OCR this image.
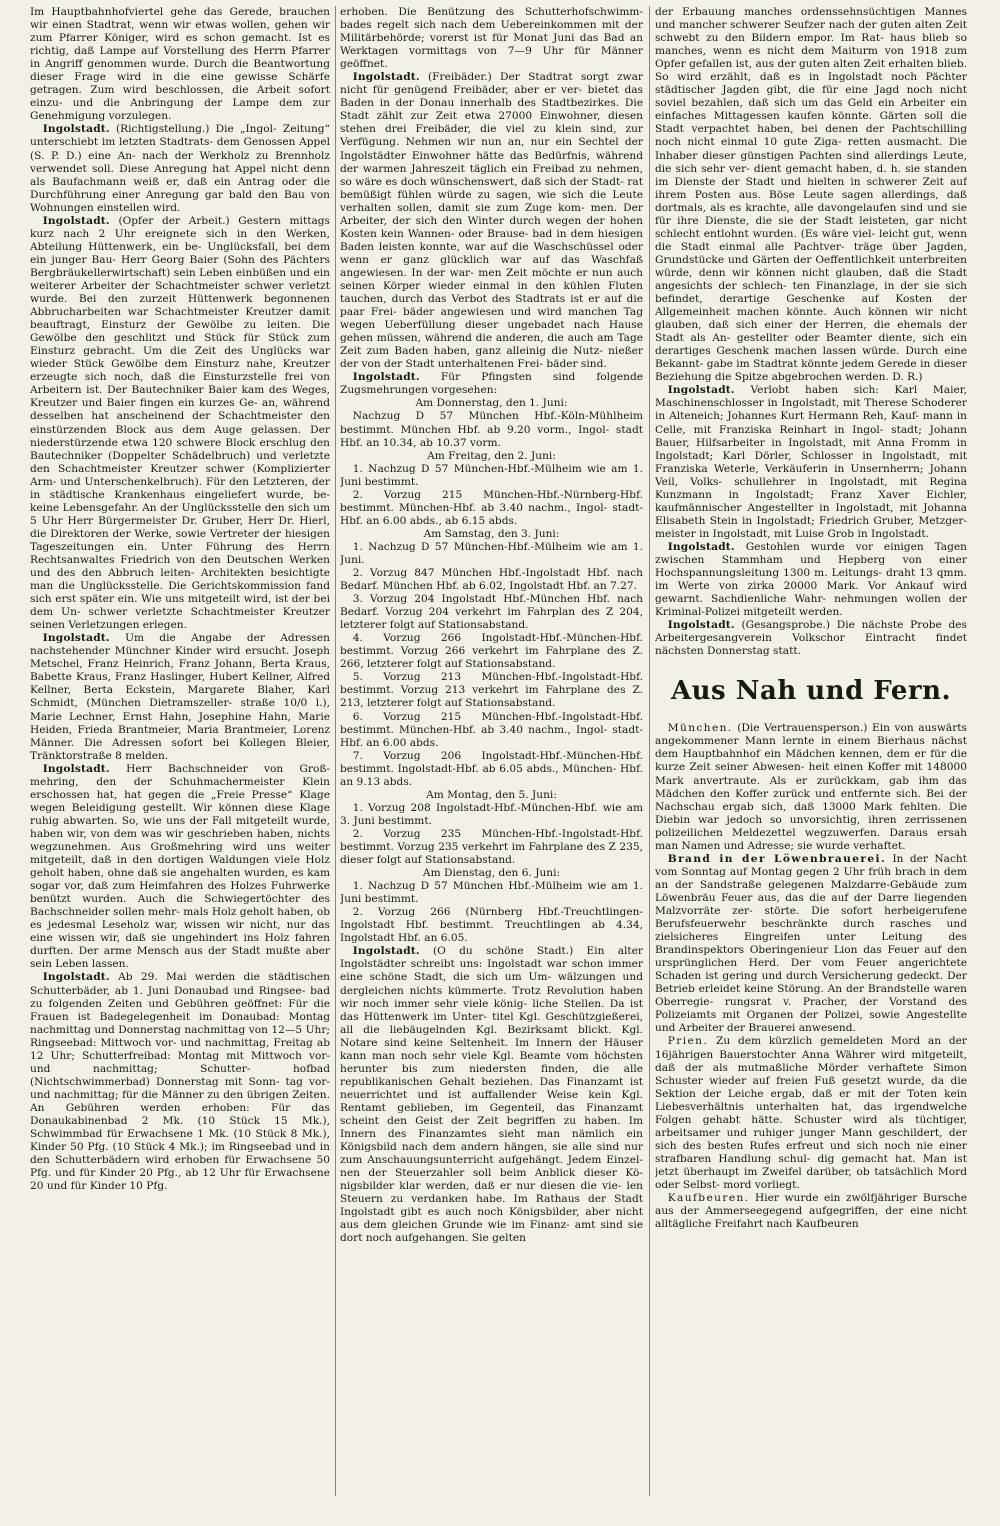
Im Hauptbahnhofviertel gehe das Gerede, brauchen wir einen Stadtrat, wenn wir etwas wollen, gehen wir zum Pfarrer Königer, wird es schon gemacht. Ist es richtig, daß Lampe auf Vorstellung des Herrn Pfarrer in Angriff genommen wurde. Durch die Beantwortung dieser Frage wird in die eine gewisse Schärfe getragen. Zum wird beschlossen, die Arbeit sofort einzu- und die Anbringung der Lampe dem zur Genehmigung vorzulegen.

Ingolstadt. (Richtigstellung.) Die „Ingol- Zeitung“ unterschiebt im letzten Stadtrats- dem Genossen Appel (S. P. D.) eine An- nach der Werkholz zu Brennholz verwendet soll. Diese Anregung hat Appel nicht denn als Baufachmann weiß er, daß ein Antrag oder die Durchführung einer Anregung gar bald den Bau von Wohnungen einstellen wird.

Ingolstadt. (Opfer der Arbeit.) Gestern mittags kurz nach 2 Uhr ereignete sich in den Werken, Abteilung Hüttenwerk, ein be- Unglücksfall, bei dem ein junger Bau- Herr Georg Baier (Sohn des Pächters Bergbräukellerwirtschaft) sein Leben einbüßen und ein weiterer Arbeiter der Schachtmeister schwer verletzt wurde. Bei den zurzeit Hüttenwerk begonnenen Abbrucharbeiten war Schachtmeister Kreutzer damit beauftragt, Einsturz der Gewölbe zu leiten. Die Gewölbe den geschlitzt und Stück für Stück zum Einsturz gebracht. Um die Zeit des Unglücks war wieder Stück Gewölbe dem Einsturz nahe, Kreutzer erzeugte sich noch, daß die Einsturzstelle frei von Arbeitern ist. Der Bautechniker Baier kam des Weges, Kreutzer und Baier fingen ein kurzes Ge- an, während desselben hat anscheinend der Schachtmeister den einstürzenden Block aus dem Auge gelassen. Der niederstürzende etwa 120 schwere Block erschlug den Bautechniker (Doppelter Schädelbruch) und verletzte den Schachtmeister Kreutzer schwer (Komplizierter Arm- und Unterschenkelbruch). Für den Letzteren, der in städtische Krankenhaus eingeliefert wurde, be- keine Lebensgefahr. An der Unglücksstelle den sich um 5 Uhr Herr Bürgermeister Dr. Gruber, Herr Dr. Hierl, die Direktoren der Werke, sowie Vertreter der hiesigen Tageszeitungen ein. Unter Führung des Herrn Rechtsanwaltes Friedrich von den Deutschen Werken und des den Abbruch leiten- Architekten besichtigte man die Unglücksstelle. Die Gerichtskommission fand sich erst später ein. Wie uns mitgeteilt wird, ist der bei dem Un- schwer verletzte Schachtmeister Kreutzer seinen Verletzungen erlegen.

Ingolstadt. Um die Angabe der Adressen nachstehender Münchner Kinder wird ersucht. Joseph Metschel, Franz Heinrich, Franz Johann, Berta Kraus, Babette Kraus, Franz Haslinger, Hubert Kellner, Alfred Kellner, Berta Eckstein, Margarete Blaher, Karl Schmidt, (München Dietramszeller- straße 10/0 l.), Marie Lechner, Ernst Hahn, Josephine Hahn, Marie Heiden, Frieda Brantmeier, Maria Brantmeier, Lorenz Männer. Die Adressen sofort bei Kollegen Bleier, Tränktorstraße 8 melden.

Ingolstadt. Herr Bachschneider von Groß- mehring, den der Schuhmachermeister Klein erschossen hat, hat gegen die „Freie Presse“ Klage wegen Beleidigung gestellt. Wir können diese Klage ruhig abwarten. So, wie uns der Fall mitgeteilt wurde, haben wir, von dem was wir geschrieben haben, nichts wegzunehmen. Aus Großmehring wird uns weiter mitgeteilt, daß in den dortigen Waldungen viele Holz geholt haben, ohne daß sie angehalten wurden, es kam sogar vor, daß zum Heimfahren des Holzes Fuhrwerke benützt wurden. Auch die Schwiegertöchter des Bachschneider sollen mehr- mals Holz geholt haben, ob es jedesmal Leseholz war, wissen wir nicht, nur das eine wissen wir, daß sie ungehindert ins Holz fahren durften. Der arme Mensch aus der Stadt mußte aber sein Leben lassen.

Ingolstadt. Ab 29. Mai werden die städtischen Schutterbäder, ab 1. Juni Donaubad und Ringsee- bad zu folgenden Zeiten und Gebühren geöffnet: Für die Frauen ist Badegelegenheit im Donaubad: Montag nachmittag und Donnerstag nachmittag von 12—5 Uhr; Ringseebad: Mittwoch vor- und nachmittag, Freitag ab 12 Uhr; Schutterfreibad: Montag mit Mittwoch vor- und nachmittag; Schutter- hofbad (Nichtschwimmerbad) Donnerstag mit Sonn- tag vor- und nachmittag; für die Männer zu den übrigen Zeiten. An Gebühren werden erhoben: Für das Donaukabinenbad 2 Mk. (10 Stück 15 Mk.), Schwimmbad für Erwachsene 1 Mk. (10 Stück 8 Mk.), Kinder 50 Pfg. (10 Stück 4 Mk.); im Ringseebad und in den Schutterbädern wird erhoben für Erwachsene 50 Pfg. und für Kinder 20 Pfg., ab 12 Uhr für Erwachsene 20 und für Kinder 10 Pfg.

erhoben. Die Benützung des Schutterhofschwimm- bades regelt sich nach dem Uebereinkommen mit der Militärbehörde; vorerst ist für Monat Juni das Bad an Werktagen vormittags von 7—9 Uhr für Männer geöffnet.

Ingolstadt. (Freibäder.) Der Stadtrat sorgt zwar nicht für genügend Freibäder, aber er ver- bietet das Baden in der Donau innerhalb des Stadtbezirkes. Die Stadt zählt zur Zeit etwa 27000 Einwohner, diesen stehen drei Freibäder, die viel zu klein sind, zur Verfügung. Nehmen wir nun an, nur ein Sechtel der Ingolstädter Einwohner hätte das Bedürfnis, während der warmen Jahreszeit täglich ein Freibad zu nehmen, so wäre es doch wünschenswert, daß sich der Stadt- rat bemüßigt fühlen würde zu sagen, wie sich die Leute verhalten sollen, damit sie zum Zuge kom- men. Der Arbeiter, der sich den Winter durch wegen der hohen Kosten kein Wannen- oder Brause- bad in dem hiesigen Baden leisten konnte, war auf die Waschschüssel oder wenn er ganz glücklich war auf das Waschfaß angewiesen. In der war- men Zeit möchte er nun auch seinen Körper wieder einmal in den kühlen Fluten tauchen, durch das Verbot des Stadtrats ist er auf die paar Frei- bäder angewiesen und wird manchen Tag wegen Ueberfüllung dieser ungebadet nach Hause gehen müssen, während die anderen, die auch am Tage Zeit zum Baden haben, ganz alleinig die Nutz- nießer der von der Stadt unterhaltenen Frei- bäder sind.

Ingolstadt. Für Pfingsten sind folgende Zugsmehrungen vorgesehen:

Am Donnerstag, den 1. Juni:

Nachzug D 57 München Hbf.-Köln-Mühlheim bestimmt. München Hbf. ab 9.20 vorm., Ingol- stadt Hbf. an 10.34, ab 10.37 vorm.

Am Freitag, den 2. Juni:

1. Nachzug D 57 München-Hbf.-Mülheim wie am 1. Juni bestimmt.

2. Vorzug 215 München-Hbf.-Nürnberg-Hbf. bestimmt. München-Hbf. ab 3.40 nachm., Ingol- stadt-Hbf. an 6.00 abds., ab 6.15 abds.

Am Samstag, den 3. Juni:

1. Nachzug D 57 München-Hbf.-Mülheim wie am 1. Juni.

2. Vorzug 847 München Hbf.-Ingolstadt Hbf. nach Bedarf. München Hbf. ab 6.02, Ingolstadt Hbf. an 7.27.

3. Vorzug 204 Ingolstadt Hbf.-München Hbf. nach Bedarf. Vorzug 204 verkehrt im Fahrplan des Z 204, letzterer folgt auf Stationsabstand.

4. Vorzug 266 Ingolstadt-Hbf.-München-Hbf. bestimmt. Vorzug 266 verkehrt im Fahrplane des Z. 266, letzterer folgt auf Stationsabstand.

5. Vorzug 213 München-Hbf.-Ingolstadt-Hbf. bestimmt. Vorzug 213 verkehrt im Fahrplane des Z. 213, letzterer folgt auf Stationsabstand.

6. Vorzug 215 München-Hbf.-Ingolstadt-Hbf. bestimmt. München-Hbf. ab 3.40 nachm., Ingol- stadt-Hbf. an 6.00 abds.

7. Vorzug 206 Ingolstadt-Hbf.-München-Hbf. bestimmt. Ingolstadt-Hbf. ab 6.05 abds., München- Hbf. an 9.13 abds.

Am Montag, den 5. Juni:

1. Vorzug 208 Ingolstadt-Hbf.-München-Hbf. wie am 3. Juni bestimmt.

2. Vorzug 235 München-Hbf.-Ingolstadt-Hbf. bestimmt. Vorzug 235 verkehrt im Fahrplane des Z 235, dieser folgt auf Stationsabstand.

Am Dienstag, den 6. Juni:

1. Nachzug D 57 München Hbf.-Mülheim wie am 1. Juni bestimmt.

2. Vorzug 266 (Nürnberg Hbf.-Treuchtlingen- Ingolstadt Hbf. bestimmt. Treuchtlingen ab 4.34, Ingolstadt Hbf. an 6.05.

Ingolstadt. (O du schöne Stadt.) Ein alter Ingolstädter schreibt uns: Ingolstadt war schon immer eine schöne Stadt, die sich um Um- wälzungen und dergleichen nichts kümmerte. Trotz Revolution haben wir noch immer sehr viele könig- liche Stellen. Da ist das Hüttenwerk im Unter- titel Kgl. Geschützgießerei, all die liebäugelnden Kgl. Bezirksamt blickt. Kgl. Notare sind keine Seltenheit. Im Innern der Häuser kann man noch sehr viele Kgl. Beamte vom höchsten herunter bis zum niedersten finden, die alle republikanischen Gehalt beziehen. Das Finanzamt ist neuerrichtet und ist auffallender Weise kein Kgl. Rentamt geblieben, im Gegenteil, das Finanzamt scheint den Geist der Zeit begriffen zu haben. Im Innern des Finanzamtes sieht man nämlich ein Königsbild nach dem andern hängen, sie alle sind nur zum Anschauungsunterricht aufgehängt. Jedem Einzel- nen der Steuerzahler soll beim Anblick dieser Kö- nigsbilder klar werden, daß er nur diesen die vie- len Steuern zu verdanken habe. Im Rathaus der Stadt Ingolstadt gibt es auch noch Königsbilder, aber nicht aus dem gleichen Grunde wie im Finanz- amt sind sie dort noch aufgehangen. Sie gelten

der Erbauung manches ordenssehnsüchtigen Mannes und mancher schwerer Seufzer nach der guten alten Zeit schwebt zu den Bildern empor. Im Rat- haus blieb so manches, wenn es nicht dem Maiturm von 1918 zum Opfer gefallen ist, aus der guten alten Zeit erhalten blieb. So wird erzählt, daß es in Ingolstadt noch Pächter städtischer Jagden gibt, die für eine Jagd noch nicht soviel bezahlen, daß sich um das Geld ein Arbeiter ein einfaches Mittagessen kaufen könnte. Gärten soll die Stadt verpachtet haben, bei denen der Pachtschilling noch nicht einmal 10 gute Ziga- retten ausmacht. Die Inhaber dieser günstigen Pachten sind allerdings Leute, die sich sehr ver- dient gemacht haben, d. h. sie standen im Dienste der Stadt und hielten in schwerer Zeit auf ihrem Posten aus. Böse Leute sagen allerdings, daß dortmals, als es krachte, alle davongelaufen sind und sie für ihre Dienste, die sie der Stadt leisteten, gar nicht schlecht entlohnt wurden. (Es wäre viel- leicht gut, wenn die Stadt einmal alle Pachtver- träge über Jagden, Grundstücke und Gärten der Oeffentlichkeit unterbreiten würde, denn wir können nicht glauben, daß die Stadt angesichts der schlech- ten Finanzlage, in der sie sich befindet, derartige Geschenke auf Kosten der Allgemeinheit machen könnte. Auch können wir nicht glauben, daß sich einer der Herren, die ehemals der Stadt als An- gestellter oder Beamter diente, sich ein derartiges Geschenk machen lassen würde. Durch eine Bekannt- gabe im Stadtrat könnte jedem Gerede in dieser Beziehung die Spitze abgebrochen werden. D. R.)

Ingolstadt. Verlobt haben sich: Karl Maier, Maschinenschlosser in Ingolstadt, mit Therese Schoderer in Alteneich; Johannes Kurt Hermann Reh, Kauf- mann in Celle, mit Franziska Reinhart in Ingol- stadt; Johann Bauer, Hilfsarbeiter in Ingolstadt, mit Anna Fromm in Ingolstadt; Karl Dörler, Schlosser in Ingolstadt, mit Franziska Weterle, Verkäuferin in Unsernherrn; Johann Veil, Volks- schullehrer in Ingolstadt, mit Regina Kunzmann in Ingolstadt; Franz Xaver Eichler, kaufmännischer Angestellter in Ingolstadt, mit Johanna Elisabeth Stein in Ingolstadt; Friedrich Gruber, Metzger- meister in Ingolstadt, mit Luise Grob in Ingolstadt.

Ingolstadt. Gestohlen wurde vor einigen Tagen zwischen Stammham und Hepberg von einer Hochspannungsleitung 1300 m. Leitungs- draht 13 qmm. im Werte von zirka 20000 Mark. Vor Ankauf wird gewarnt. Sachdienliche Wahr- nehmungen wollen der Kriminal-Polizei mitgeteilt werden.

Ingolstadt. (Gesangsprobe.) Die nächste Probe des Arbeitergesangverein Volkschor Eintracht findet nächsten Donnerstag statt.

Aus Nah und Fern.

München. (Die Vertrauensperson.) Ein von auswärts angekommener Mann lernte in einem Bierhaus nächst dem Hauptbahnhof ein Mädchen kennen, dem er für die kurze Zeit seiner Abwesen- heit einen Koffer mit 148000 Mark anvertraute. Als er zurückkam, gab ihm das Mädchen den Koffer zurück und entfernte sich. Bei der Nachschau ergab sich, daß 13000 Mark fehlten. Die Diebin war jedoch so unvorsichtig, ihren zerrissenen polizeilichen Meldezettel wegzuwerfen. Daraus ersah man Namen und Adresse; sie wurde verhaftet.

Brand in der Löwenbrauerei. In der Nacht vom Sonntag auf Montag gegen 2 Uhr früh brach in dem an der Sandstraße gelegenen Malzdarre-Gebäude zum Löwenbräu Feuer aus, das die auf der Darre liegenden Malzvorräte zer- störte. Die sofort herbeigerufene Berufsfeuerwehr beschränkte durch rasches und zielsicheres Eingreifen unter Leitung des Brandinspektors Oberingenieur Lion das Feuer auf den ursprünglichen Herd. Der vom Feuer angerichtete Schaden ist gering und durch Versicherung gedeckt. Der Betrieb erleidet keine Störung. An der Brandstelle waren Oberregie- rungsrat v. Pracher, der Vorstand des Polizeiamts mit Organen der Polizei, sowie Angestellte und Arbeiter der Brauerei anwesend.

Prien. Zu dem kürzlich gemeldeten Mord an der 16jährigen Bauerstochter Anna Währer wird mitgeteilt, daß der als mutmaßliche Mörder verhaftete Simon Schuster wieder auf freien Fuß gesetzt wurde, da die Sektion der Leiche ergab, daß er mit der Toten kein Liebesverhältnis unterhalten hat, das irgendwelche Folgen gehabt hätte. Schuster wird als tüchtiger, arbeitsamer und ruhiger junger Mann geschildert, der sich des besten Rufes erfreut und sich noch nie einer strafbaren Handlung schul- dig gemacht hat. Man ist jetzt überhaupt im Zweifel darüber, ob tatsächlich Mord oder Selbst- mord vorliegt.

Kaufbeuren. Hier wurde ein zwölfjähriger Bursche aus der Ammerseegegend aufgegriffen, der eine nicht alltägliche Freifahrt nach Kaufbeuren
